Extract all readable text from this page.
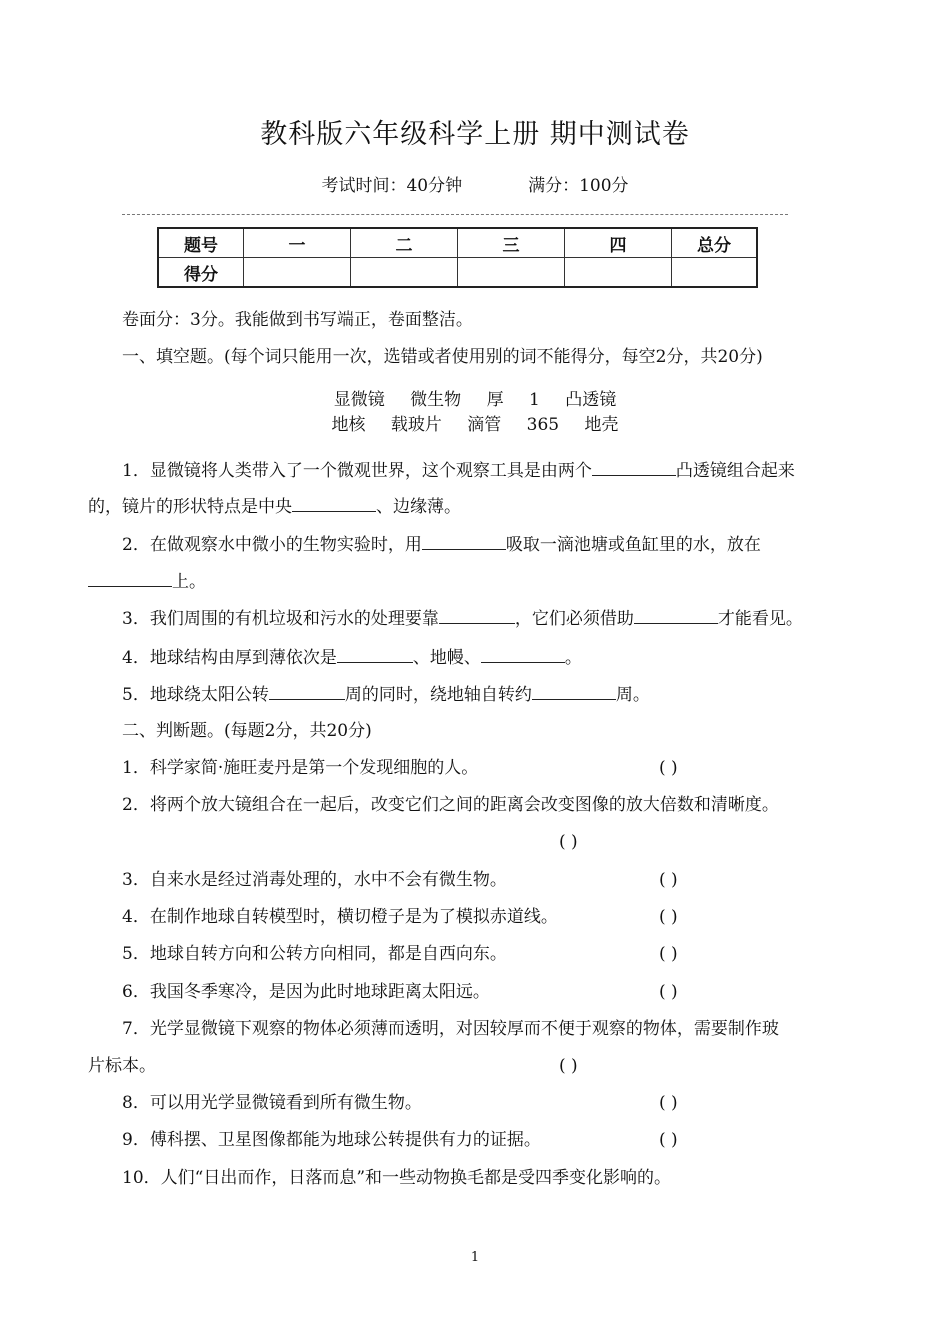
教科版六年级科学上册 期中测试卷
考试时间：40分钟	满分：100分
题号	一	二	三	四	总分
得分					
卷面分：3分。我能做到书写端正，卷面整洁。
一、填空题。(每个词只能用一次，选错或者使用别的词不能得分，每空2分，共20分)
显微镜 微生物 厚 1 凸透镜
地核 载玻片 滴管 365 地壳
1．显微镜将人类带入了一个微观世界，这个观察工具是由两个	凸透镜组合起来
的，镜片的形状特点是中央	、边缘薄。
2．在做观察水中微小的生物实验时，用	吸取一滴池塘或鱼缸里的水，放在
上。
3．我们周围的有机垃圾和污水的处理要靠	，它们必须借助	才能看见。
4．地球结构由厚到薄依次是	、地幔、	。
5．地球绕太阳公转	周的同时，绕地轴自转约	周。
二、判断题。(每题2分，共20分)
1．科学家简·施旺麦丹是第一个发现细胞的人。	( )
2．将两个放大镜组合在一起后，改变它们之间的距离会改变图像的放大倍数和清晰度。
( )
3．自来水是经过消毒处理的，水中不会有微生物。	( )
4．在制作地球自转模型时，横切橙子是为了模拟赤道线。	( )
5．地球自转方向和公转方向相同，都是自西向东。	( )
6．我国冬季寒冷，是因为此时地球距离太阳远。	( )
7．光学显微镜下观察的物体必须薄而透明，对因较厚而不便于观察的物体，需要制作玻
片标本。	( )
8．可以用光学显微镜看到所有微生物。	( )
9．傅科摆、卫星图像都能为地球公转提供有力的证据。	( )
10．人们“日出而作，日落而息”和一些动物换毛都是受四季变化影响的。
1
